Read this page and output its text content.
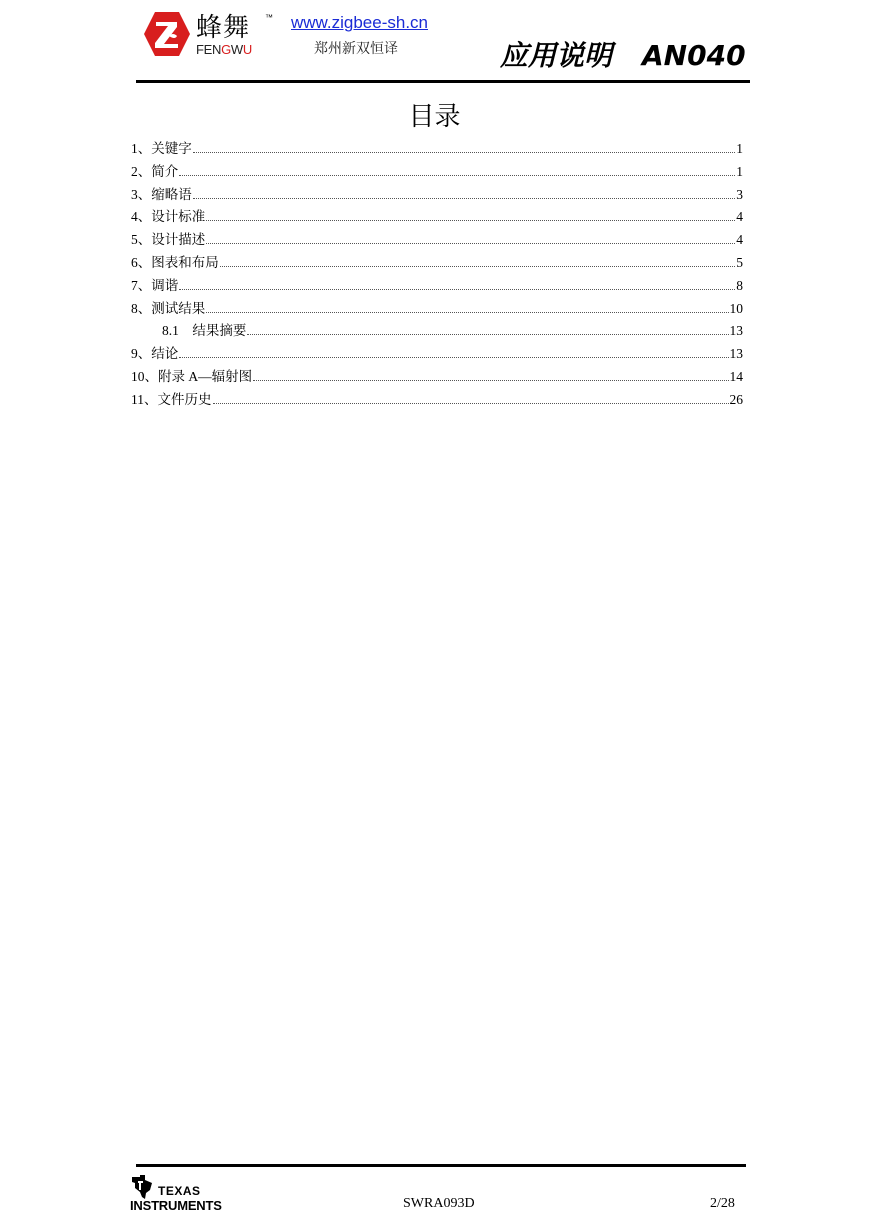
蜂舞 ™
FENGWU
www.zigbee-sh.cn
郑州新双恒译	应用说明 AN040
目录
1、关键字	1
2、简介	1
3、缩略语	3
4、设计标准	4
5、设计描述	4
6、图表和布局	5
7、调谐	8
8、测试结果	10
8.1　结果摘要	13
9、结论	13
10、附录 A—辐射图	14
11、文件历史	26
TEXAS
INSTRUMENTS	SWRA093D	2/28
